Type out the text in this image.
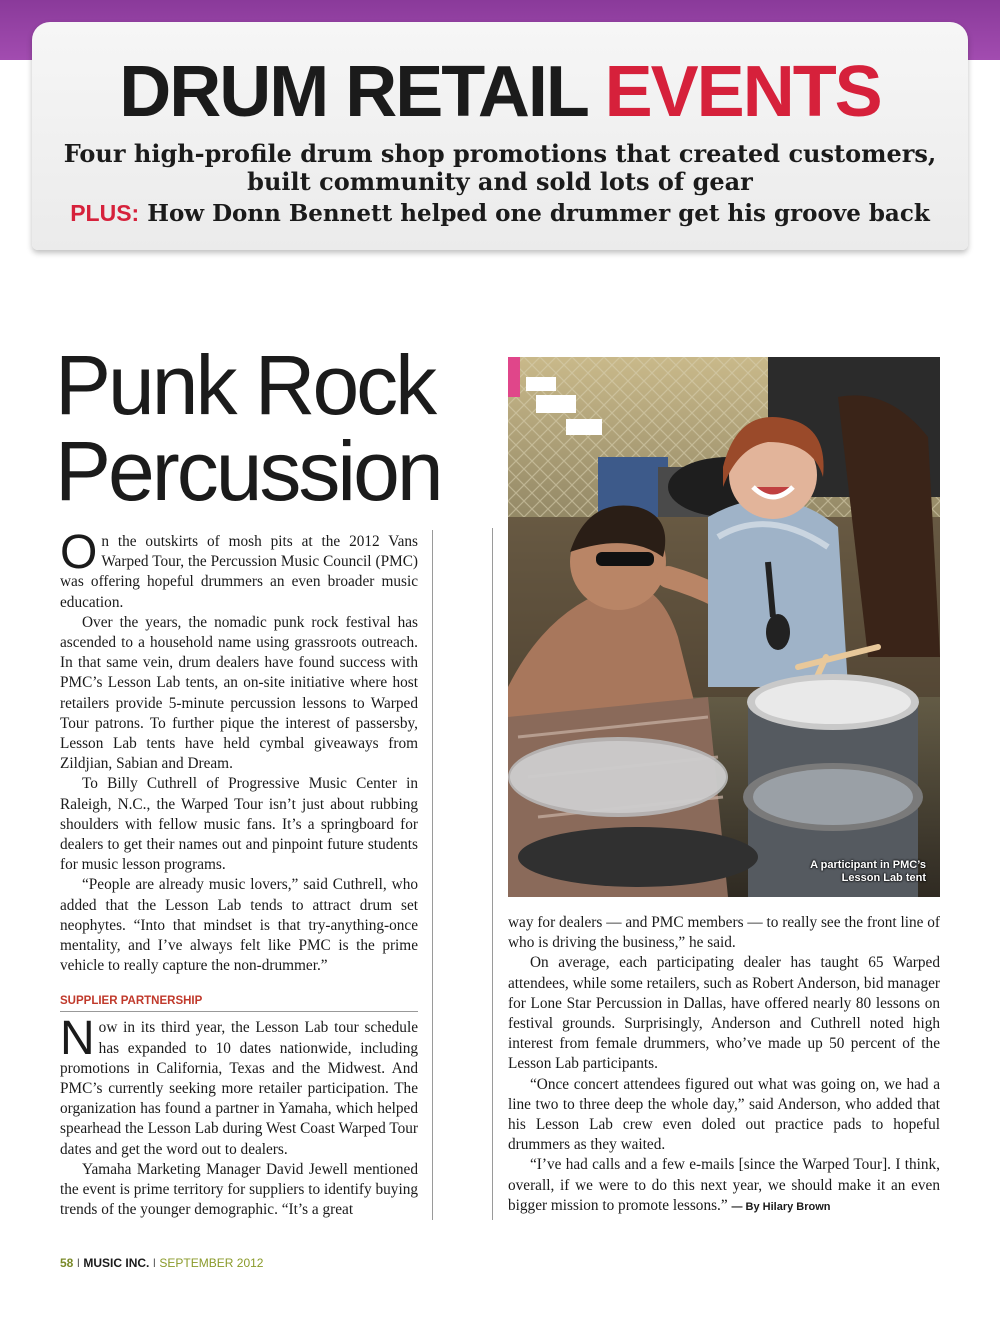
DRUM RETAIL EVENTS
Four high-profile drum shop promotions that created customers,
built community and sold lots of gear
PLUS: How Donn Bennett helped one drummer get his groove back
Punk Rock
Percussion

On the outskirts of mosh pits at the 2012 Vans Warped Tour, the Percussion Music Council (PMC) was offering hopeful drummers an even broader music education.

Over the years, the nomadic punk rock festival has ascended to a household name using grassroots outreach. In that same vein, drum dealers have found success with PMC’s Lesson Lab tents, an on-site initiative where host retailers provide 5-minute percussion lessons to Warped Tour patrons. To further pique the interest of passersby, Lesson Lab tents have held cymbal giveaways from Zildjian, Sabian and Dream.

To Billy Cuthrell of Progressive Music Center in Raleigh, N.C., the Warped Tour isn’t just about rubbing shoulders with fellow music fans. It’s a springboard for dealers to get their names out and pinpoint future students for music lesson programs.

“People are already music lovers,” said Cuthrell, who added that the Lesson Lab tends to attract drum set neophytes. “Into that mindset is that try-anything-once mentality, and I’ve always felt like PMC is the prime vehicle to really capture the non-drummer.”

SUPPLIER PARTNERSHIP

Now in its third year, the Lesson Lab tour schedule has expanded to 10 dates nationwide, including promotions in California, Texas and the Midwest. And PMC’s currently seeking more retailer participation. The organization has found a partner in Yamaha, which helped spearhead the Lesson Lab during West Coast Warped Tour dates and get the word out to dealers.

Yamaha Marketing Manager David Jewell mentioned the event is prime territory for suppliers to identify buying trends of the younger demographic. “It’s a great

A participant in PMC’s
Lesson Lab tent

way for dealers — and PMC members — to really see the front line of who is driving the business,” he said.

On average, each participating dealer has taught 65 Warped attendees, while some retailers, such as Robert Anderson, bid manager for Lone Star Percussion in Dallas, have offered nearly 80 lessons on festival grounds. Surprisingly, Anderson and Cuthrell noted high interest from female drummers, who’ve made up 50 percent of the Lesson Lab participants.

“Once concert attendees figured out what was going on, we had a line two to three deep the whole day,” said Anderson, who added that his Lesson Lab crew even doled out practice pads to hopeful drummers as they waited.

“I’ve had calls and a few e-mails [since the Warped Tour]. I think, overall, if we were to do this next year, we should make it an even bigger mission to promote lessons.” — By Hilary Brown

58 I MUSIC INC. I SEPTEMBER 2012
